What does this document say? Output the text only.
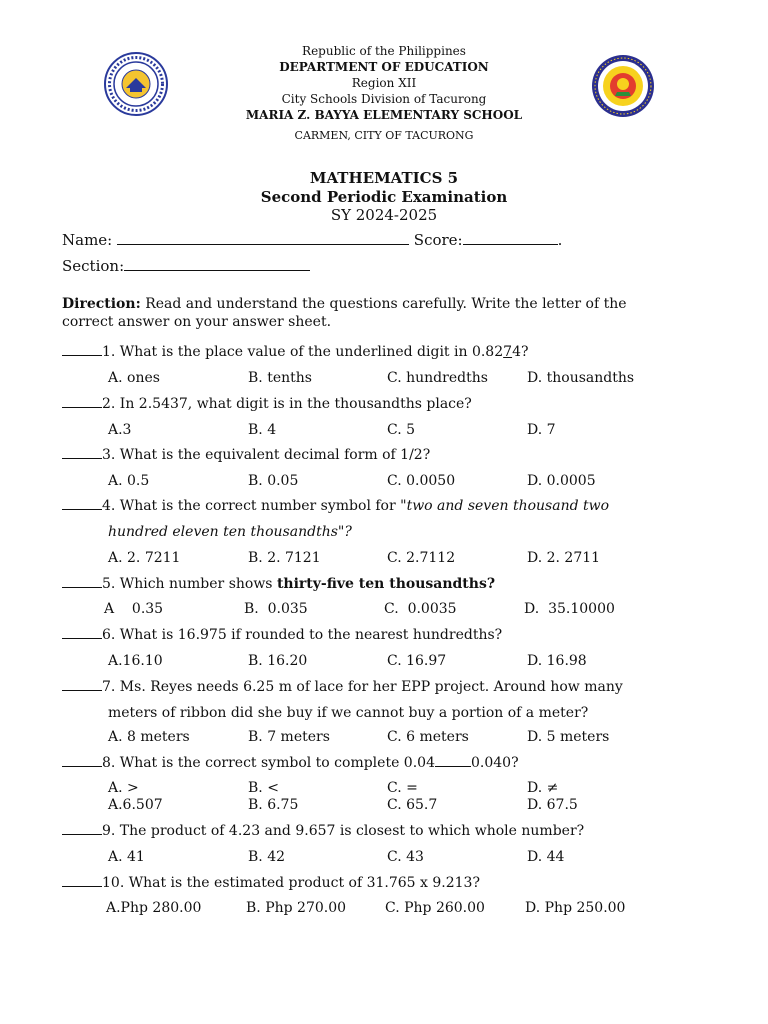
Republic of the Philippines
DEPARTMENT OF EDUCATION
Region XII
City Schools Division of Tacurong
MARIA Z. BAYYA ELEMENTARY SCHOOL
CARMEN, CITY OF TACURONG
MATHEMATICS 5
Second Periodic Examination
SY 2024-2025
Name:	Score:	.
Section:
Direction: Read and understand the questions carefully. Write the letter of the
correct answer on your answer sheet.
1. What is the place value of the underlined digit in 0.8274?
A. ones	B. tenths	C. hundredths	D. thousandths
2. In 2.5437, what digit is in the thousandths place?
A.3	B. 4	C. 5	D. 7
3. What is the equivalent decimal form of 1/2?
A. 0.5	B. 0.05	C. 0.0050	D. 0.0005
4. What is the correct number symbol for "two and seven thousand two
hundred eleven ten thousandths"?
A. 2. 7211	B. 2. 7121	C. 2.7112	D. 2. 2711
5. Which number shows thirty-five ten thousandths?
A    0.35	B.  0.035	C.  0.0035	D.  35.10000
6. What is 16.975 if rounded to the nearest hundredths?
A.16.10	B. 16.20	C. 16.97	D. 16.98
7. Ms. Reyes needs 6.25 m of lace for her EPP project. Around how many
meters of ribbon did she buy if we cannot buy a portion of a meter?
A. 8 meters	B. 7 meters	C. 6 meters	D. 5 meters
8. What is the correct symbol to complete 0.04	0.040?
A. >	B. <	C. =	D. ≠
A.6.507	B. 6.75	C. 65.7	D. 67.5
9. The product of 4.23 and 9.657 is closest to which whole number?
A. 41	B. 42	C. 43	D. 44
10. What is the estimated product of 31.765 x 9.213?
A.Php 280.00	B. Php 270.00	C. Php 260.00	D. Php 250.00
